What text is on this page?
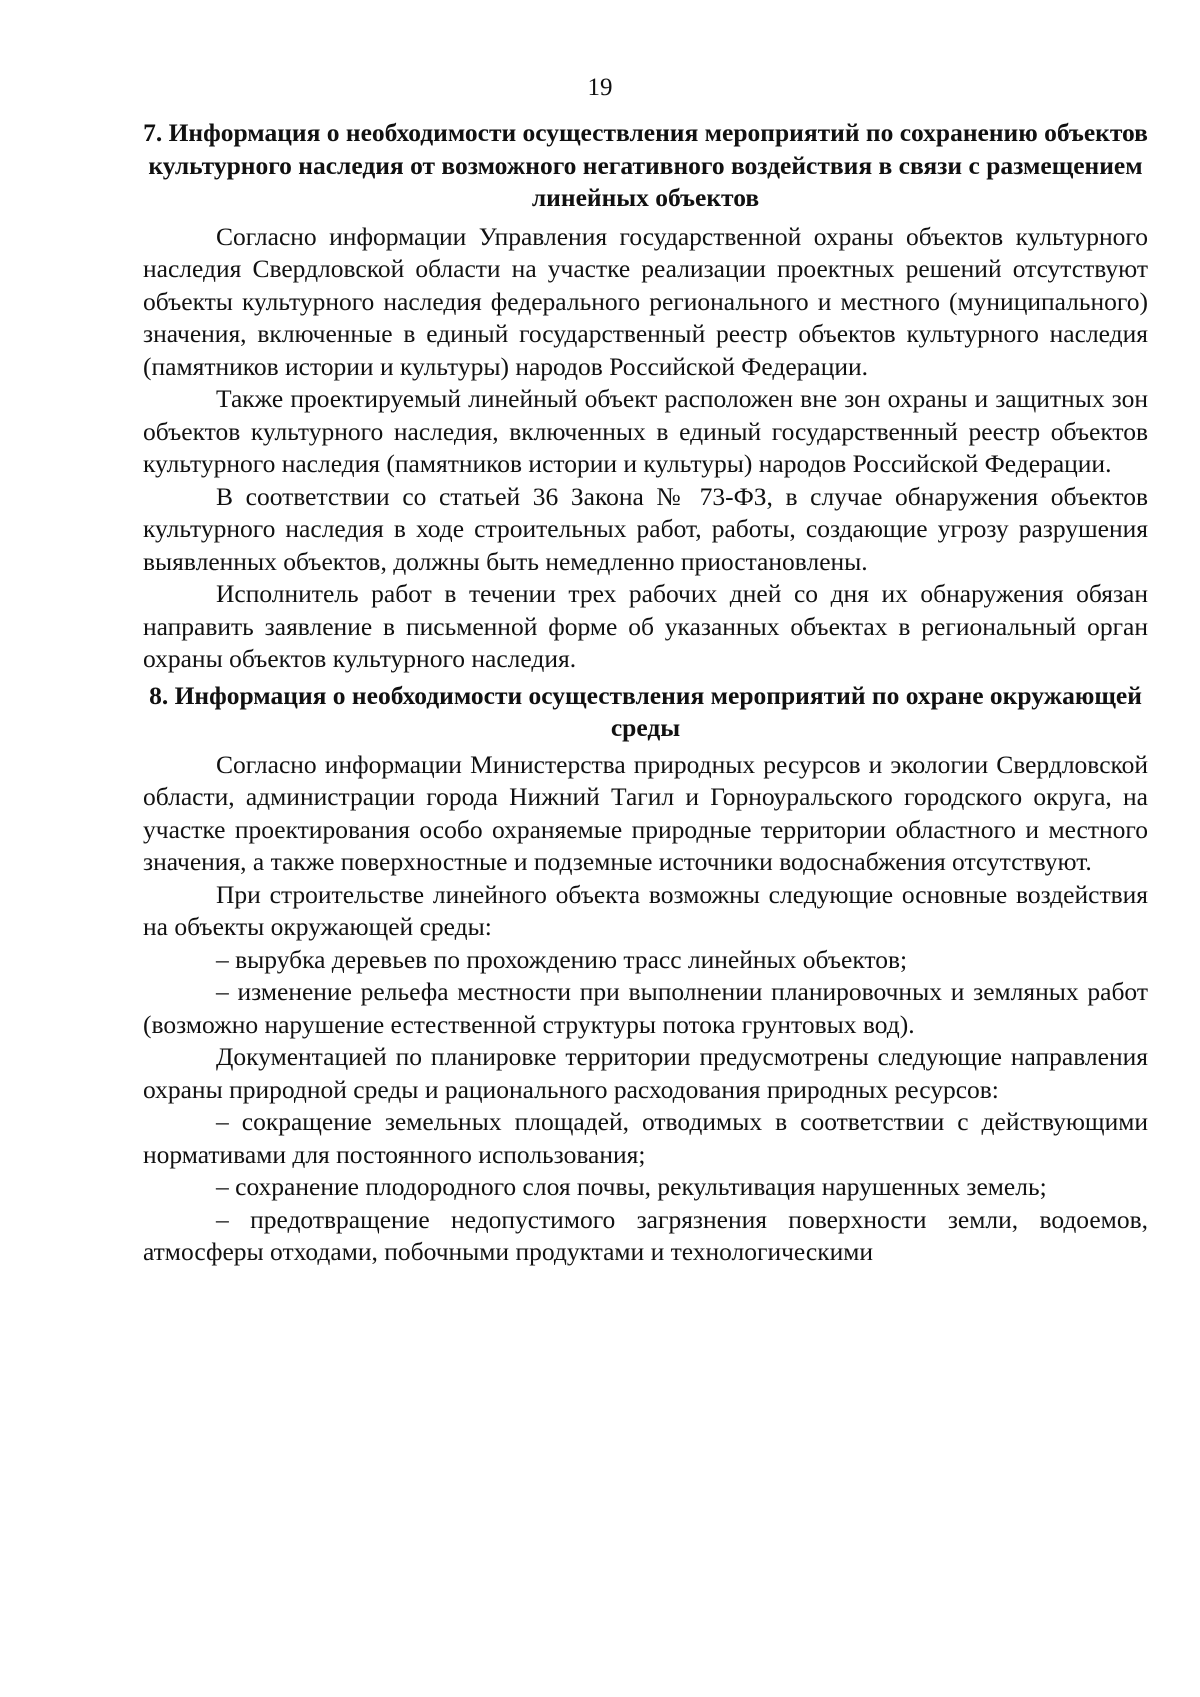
19
7. Информация о необходимости осуществления мероприятий по сохранению объектов культурного наследия от возможного негативного воздействия в связи с размещением линейных объектов

Согласно информации Управления государственной охраны объектов культурного наследия Свердловской области на участке реализации проектных решений отсутствуют объекты культурного наследия федерального регионального и местного (муниципального) значения, включенные в единый государственный реестр объектов культурного наследия (памятников истории и культуры) народов Российской Федерации.

Также проектируемый линейный объект расположен вне зон охраны и защитных зон объектов культурного наследия, включенных в единый государственный реестр объектов культурного наследия (памятников истории и культуры) народов Российской Федерации.

В соответствии со статьей 36 Закона № 73-ФЗ, в случае обнаружения объектов культурного наследия в ходе строительных работ, работы, создающие угрозу разрушения выявленных объектов, должны быть немедленно приостановлены.

Исполнитель работ в течении трех рабочих дней со дня их обнаружения обязан направить заявление в письменной форме об указанных объектах в региональный орган охраны объектов культурного наследия.

8. Информация о необходимости осуществления мероприятий по охране окружающей среды

Согласно информации Министерства природных ресурсов и экологии Свердловской области, администрации города Нижний Тагил и Горноуральского городского округа, на участке проектирования особо охраняемые природные территории областного и местного значения, а также поверхностные и подземные источники водоснабжения отсутствуют.

При строительстве линейного объекта возможны следующие основные воздействия на объекты окружающей среды:

– вырубка деревьев по прохождению трасс линейных объектов;

– изменение рельефа местности при выполнении планировочных и земляных работ (возможно нарушение естественной структуры потока грунтовых вод).

Документацией по планировке территории предусмотрены следующие направления охраны природной среды и рационального расходования природных ресурсов:

– сокращение земельных площадей, отводимых в соответствии с действующими нормативами для постоянного использования;

– сохранение плодородного слоя почвы, рекультивация нарушенных земель;

– предотвращение недопустимого загрязнения поверхности земли, водоемов, атмосферы отходами, побочными продуктами и технологическими
